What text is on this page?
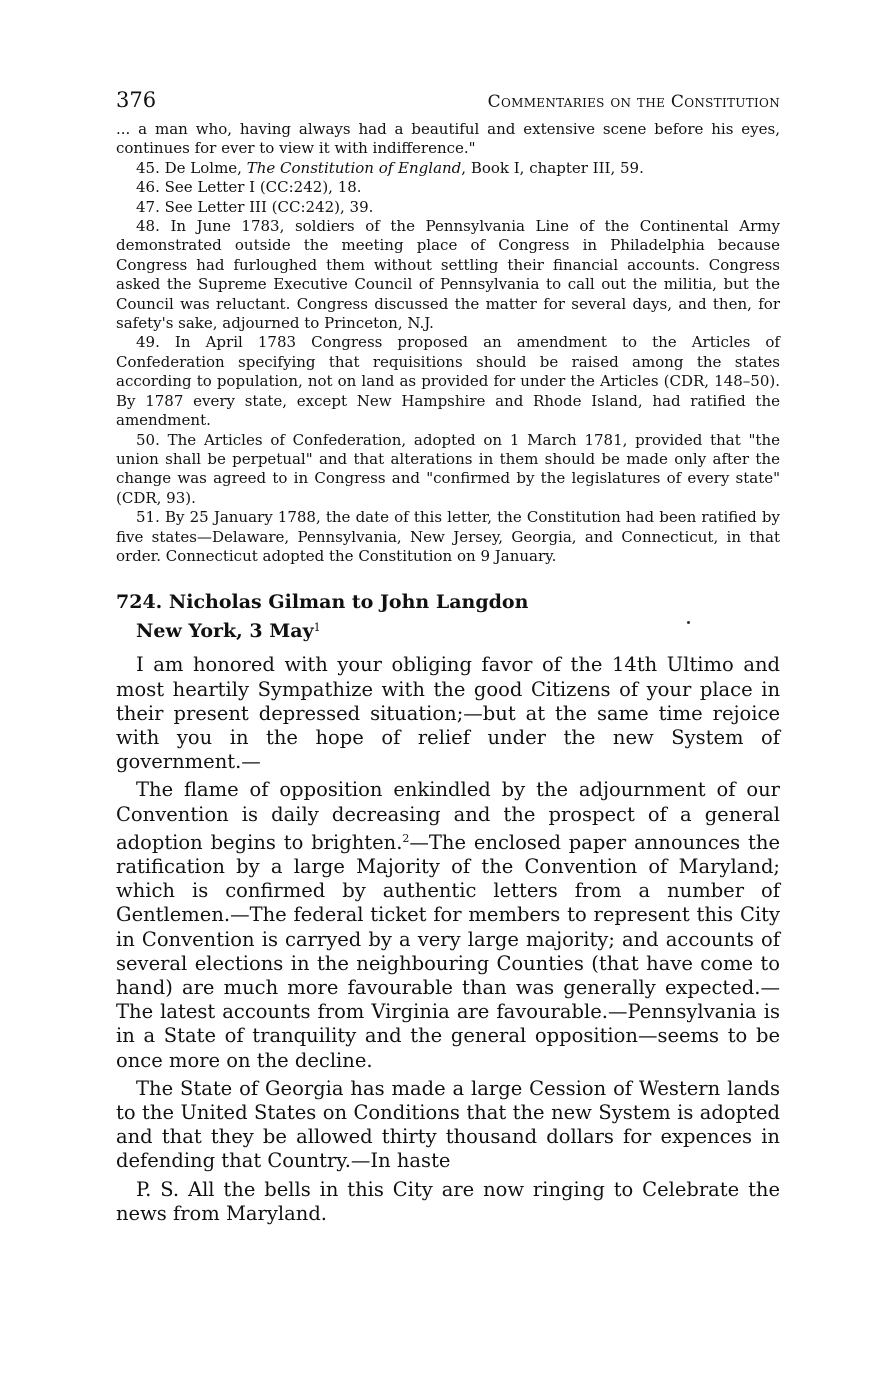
376	Commentaries on the Constitution

... a man who, having always had a beautiful and extensive scene before his eyes, continues for ever to view it with indifference."

45. De Lolme, The Constitution of England, Book I, chapter III, 59.

46. See Letter I (CC:242), 18.

47. See Letter III (CC:242), 39.

48. In June 1783, soldiers of the Pennsylvania Line of the Continental Army demonstrated outside the meeting place of Congress in Philadelphia because Congress had furloughed them without settling their financial accounts. Congress asked the Supreme Executive Council of Pennsylvania to call out the militia, but the Council was reluctant. Congress discussed the matter for several days, and then, for safety's sake, adjourned to Princeton, N.J.

49. In April 1783 Congress proposed an amendment to the Articles of Confederation specifying that requisitions should be raised among the states according to population, not on land as provided for under the Articles (CDR, 148–50). By 1787 every state, except New Hampshire and Rhode Island, had ratified the amendment.

50. The Articles of Confederation, adopted on 1 March 1781, provided that "the union shall be perpetual" and that alterations in them should be made only after the change was agreed to in Congress and "confirmed by the legislatures of every state" (CDR, 93).

51. By 25 January 1788, the date of this letter, the Constitution had been ratified by five states—Delaware, Pennsylvania, New Jersey, Georgia, and Connecticut, in that order. Connecticut adopted the Constitution on 9 January.

724. Nicholas Gilman to John Langdon
New York, 3 May$^1$

I am honored with your obliging favor of the 14th Ultimo and most heartily Sympathize with the good Citizens of your place in their present depressed situation;—but at the same time rejoice with you in the hope of relief under the new System of government.—

The flame of opposition enkindled by the adjournment of our Convention is daily decreasing and the prospect of a general adoption begins to brighten.$^2$—The enclosed paper announces the ratification by a large Majority of the Convention of Maryland; which is confirmed by authentic letters from a number of Gentlemen.—The federal ticket for members to represent this City in Convention is carryed by a very large majority; and accounts of several elections in the neighbouring Counties (that have come to hand) are much more favourable than was generally expected.—The latest accounts from Virginia are favourable.—Pennsylvania is in a State of tranquility and the general opposition—seems to be once more on the decline.

The State of Georgia has made a large Cession of Western lands to the United States on Conditions that the new System is adopted and that they be allowed thirty thousand dollars for expences in defending that Country.—In haste

P. S. All the bells in this City are now ringing to Celebrate the news from Maryland.
